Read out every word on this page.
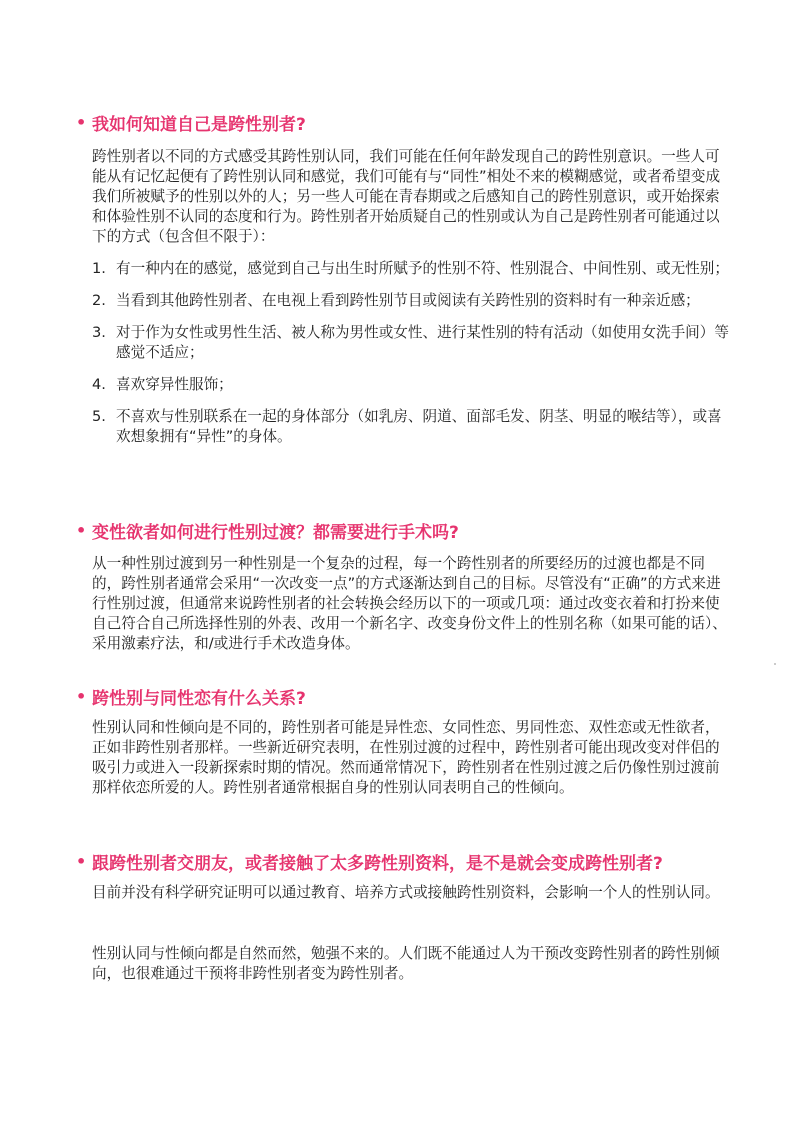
• 我如何知道自己是跨性别者?

跨性别者以不同的方式感受其跨性别认同，我们可能在任何年龄发现自己的跨性别意识。一些人可能从有记忆起便有了跨性别认同和感觉，我们可能有与“同性”相处不来的模糊感觉，或者希望变成我们所被赋予的性别以外的人；另一些人可能在青春期或之后感知自己的跨性别意识，或开始探索和体验性别不认同的态度和行为。跨性别者开始质疑自己的性别或认为自己是跨性别者可能通过以下的方式（包含但不限于）：

1. 有一种内在的感觉，感觉到自己与出生时所赋予的性别不符、性别混合、中间性别、或无性别；
2. 当看到其他跨性别者、在电视上看到跨性别节目或阅读有关跨性别的资料时有一种亲近感；
3. 对于作为女性或男性生活、被人称为男性或女性、进行某性别的特有活动（如使用女洗手间）等感觉不适应；
4. 喜欢穿异性服饰；
5. 不喜欢与性别联系在一起的身体部分（如乳房、阴道、面部毛发、阴茎、明显的喉结等），或喜欢想象拥有“异性”的身体。
• 变性欲者如何进行性别过渡？都需要进行手术吗?

从一种性别过渡到另一种性别是一个复杂的过程，每一个跨性别者的所要经历的过渡也都是不同的，跨性别者通常会采用“一次改变一点”的方式逐渐达到自己的目标。尽管没有“正确”的方式来进行性别过渡，但通常来说跨性别者的社会转换会经历以下的一项或几项：通过改变衣着和打扮来使自己符合自己所选择性别的外表、改用一个新名字、改变身份文件上的性别名称（如果可能的话）、采用激素疗法，和/或进行手术改造身体。

• 跨性别与同性恋有什么关系?

性别认同和性倾向是不同的，跨性别者可能是异性恋、女同性恋、男同性恋、双性恋或无性欲者，正如非跨性别者那样。一些新近研究表明，在性别过渡的过程中，跨性别者可能出现改变对伴侣的吸引力或进入一段新探索时期的情况。然而通常情况下，跨性别者在性别过渡之后仍像性别过渡前那样依恋所爱的人。跨性别者通常根据自身的性别认同表明自己的性倾向。

• 跟跨性别者交朋友，或者接触了太多跨性别资料，是不是就会变成跨性别者?

目前并没有科学研究证明可以通过教育、培养方式或接触跨性别资料，会影响一个人的性别认同。

性别认同与性倾向都是自然而然，勉强不来的。人们既不能通过人为干预改变跨性别者的跨性别倾向，也很难通过干预将非跨性别者变为跨性别者。
